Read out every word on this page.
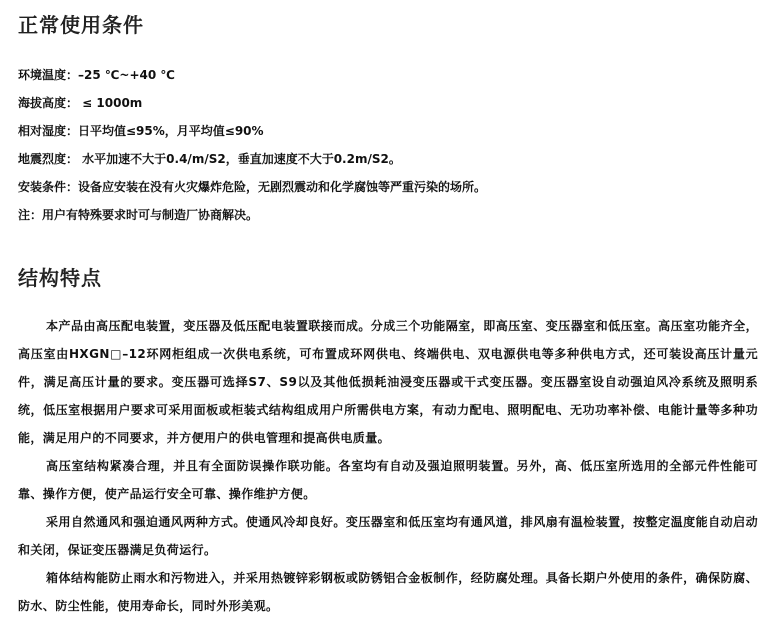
正常使用条件
环境温度：–25 ℃~+40 ℃
海拔高度： ≤ 1000m
相对湿度：日平均值≤95%，月平均值≤90%
地震烈度： 水平加速不大于0.4/m/S2，垂直加速度不大于0.2m/S2。
安装条件：设备应安装在没有火灾爆炸危险，无剧烈震动和化学腐蚀等严重污染的场所。
注：用户有特殊要求时可与制造厂协商解决。
结构特点

本产品由高压配电装置，变压器及低压配电装置联接而成。分成三个功能隔室，即高压室、变压器室和低压室。高压室功能齐全，高压室由HXGN□–12环网柜组成一次供电系统，可布置成环网供电、终端供电、双电源供电等多种供电方式，还可装设高压计量元件，满足高压计量的要求。变压器可选择S7、S9以及其他低损耗油浸变压器或干式变压器。变压器室设自动强迫风冷系统及照明系统，低压室根据用户要求可采用面板或柜装式结构组成用户所需供电方案，有动力配电、照明配电、无功功率补偿、电能计量等多种功能，满足用户的不同要求，并方便用户的供电管理和提高供电质量。

高压室结构紧凑合理，并且有全面防误操作联功能。各室均有自动及强迫照明装置。另外，高、低压室所选用的全部元件性能可靠、操作方便，使产品运行安全可靠、操作维护方便。

采用自然通风和强迫通风两种方式。使通风冷却良好。变压器室和低压室均有通风道，排风扇有温检装置，按整定温度能自动启动和关闭，保证变压器满足负荷运行。

箱体结构能防止雨水和污物进入，并采用热镀锌彩钢板或防锈铝合金板制作，经防腐处理。具备长期户外使用的条件，确保防腐、防水、防尘性能，使用寿命长，同时外形美观。
